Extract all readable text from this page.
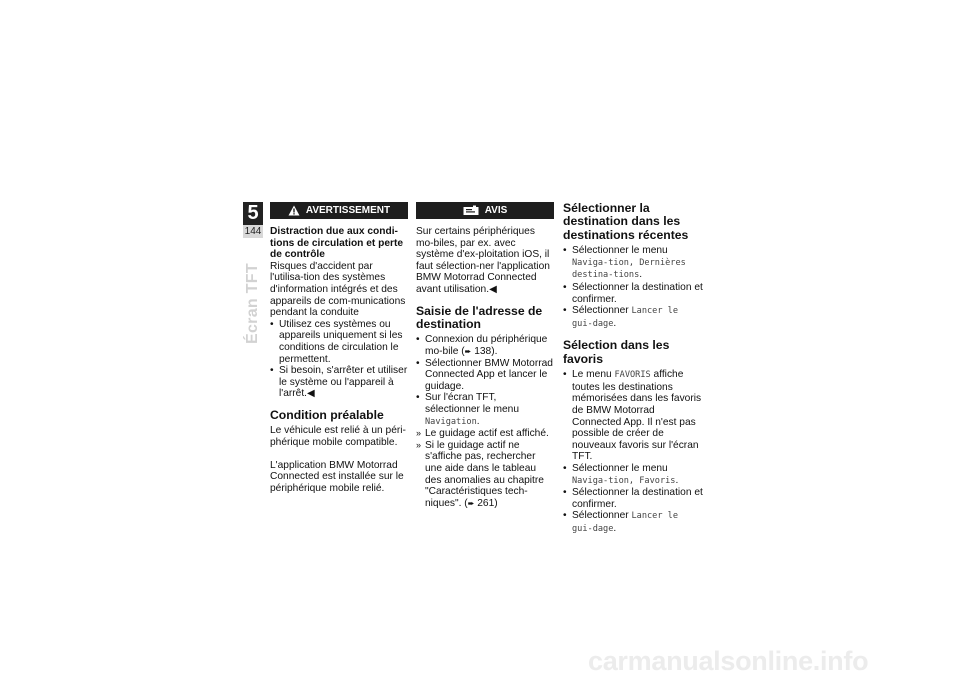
5
144
Écran TFT
AVERTISSEMENT

Distraction due aux condi-tions de circulation et perte de contrôle

Risques d'accident par l'utilisa-tion des systèmes d'information intégrés et des appareils de com-munications pendant la conduite

• Utilisez ces systèmes ou appareils uniquement si les conditions de circulation le permettent.
• Si besoin, s'arrêter et utiliser le système ou l'appareil à l'arrêt.◀
Condition préalable

Le véhicule est relié à un péri-phérique mobile compatible.

L'application BMW Motorrad Connected est installée sur le périphérique mobile relié.

AVIS

Sur certains périphériques mo-biles, par ex. avec système d'ex-ploitation iOS, il faut sélection-ner l'application BMW Motorrad Connected avant utilisation.◀

Saisie de l'adresse de destination
• Connexion du périphérique mo-bile (➨ 138).
• Sélectionner BMW Motorrad Connected App et lancer le guidage.
• Sur l'écran TFT, sélectionner le menu Navigation.
» Le guidage actif est affiché.
» Si le guidage actif ne s'affiche pas, rechercher une aide dans le tableau des anomalies au chapitre "Caractéristiques tech-niques". (➨ 261)
Sélectionner la destination dans les destinations récentes
• Sélectionner le menu Naviga-tion, Dernières destina-tions.
• Sélectionner la destination et confirmer.
• Sélectionner Lancer le gui-dage.
Sélection dans les favoris
• Le menu FAVORIS affiche toutes les destinations mémorisées dans les favoris de BMW Motorrad Connected App. Il n'est pas possible de créer de nouveaux favoris sur l'écran TFT.
• Sélectionner le menu Naviga-tion, Favoris.
• Sélectionner la destination et confirmer.
• Sélectionner Lancer le gui-dage.
carmanualsonline.info
